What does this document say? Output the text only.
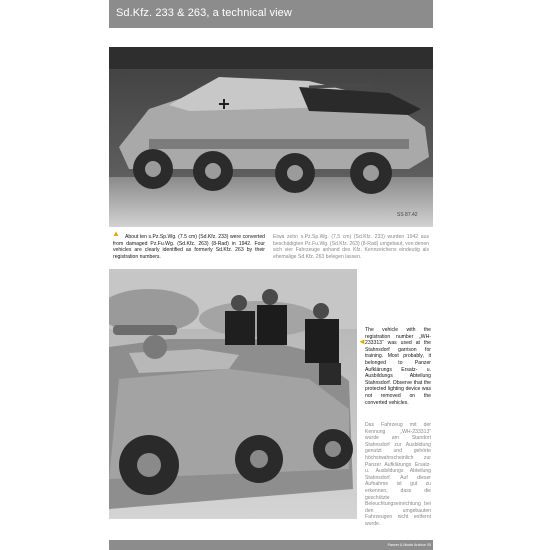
Sd.Kfz. 233 & 263, a technical view
SS 87.42
▲ About ten s.Pz.Sp.Wg. (7.5 cm) (Sd.Kfz. 233) were converted from damaged Pz.Fu.Wg. (Sd.Kfz. 263) (8-Rad) in 1942. Four vehicles are clearly identified as formerly Sd.Kfz. 263 by their registration numbers.

Etwa zehn s.Pz.Sp.Wg. (7,5 cm) (Sd.Kfz. 233) wurden 1942 aus beschädigten Pz.Fu.Wg. (Sd.Kfz. 263) (8-Rad) umgebaut, von denen sich vier Fahrzeuge anhand des Kfz. Kennzeichens eindeutig als ehemalige Sd.Kfz. 263 belegen lassen.

◄

The vehicle with the registration number „WH-233313“ was used at the Stahnsdorf garrison for training. Most probably, it belonged to Panzer Aufklärungs Ersatz- u. Ausbildungs Abteilung Stahnsdorf. Observe that the protected lighting device was not removed on the converted vehicles.

Das Fahrzeug mit der Kennung „WH-233313“ wurde am Standort Stahnsdorf zur Ausbildung genutzt und gehörte höchstwahrscheinlich zur Panzer Aufklärungs Ersatz- u. Ausbildungs Abteilung Stahnsdorf. Auf dieser Aufnahme ist gut zu erkennen, dass die geschützte Beleuchtungseinrichtung bei den umgebauten Fahrzeugen nicht entfernt wurde.

Panzer & Model Archive 05
